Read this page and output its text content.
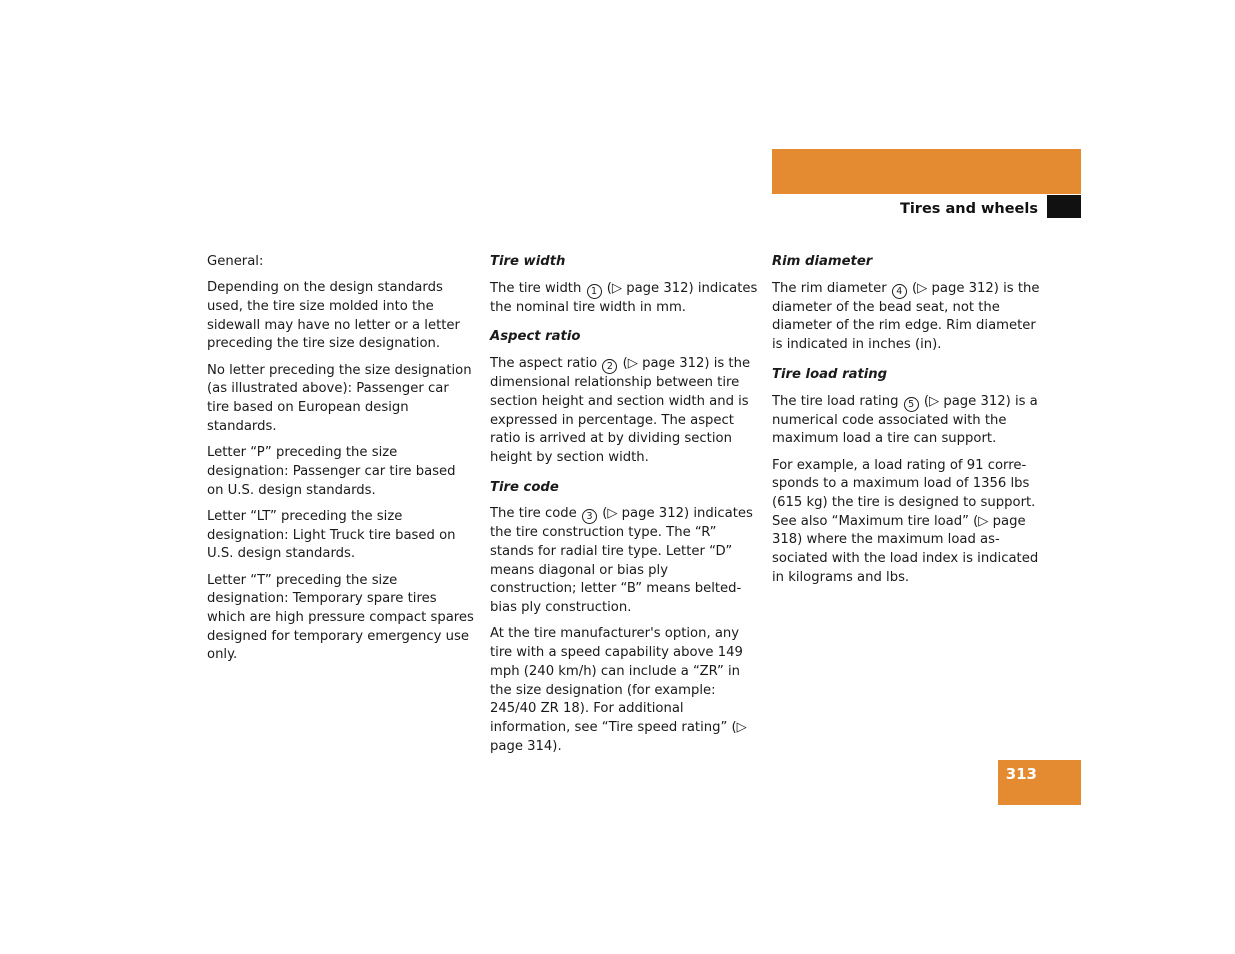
Operation
Tires and wheels

General:

Depending on the design standards used, the tire size molded into the sidewall may have no letter or a letter preceding the tire size designation.

No letter preceding the size designation (as illustrated above): Passenger car tire based on European design standards.

Letter “P” preceding the size designation: Passenger car tire based on U.S. design standards.

Letter “LT” preceding the size designation: Light Truck tire based on U.S. design standards.

Letter “T” preceding the size designation: Temporary spare tires which are high pressure compact spares designed for temporary emergency use only.

Tire width

The tire width 1 (▷ page 312) indicates the nominal tire width in mm.

Aspect ratio

The aspect ratio 2 (▷ page 312) is the dimensional relationship between tire section height and section width and is expressed in percentage. The aspect ratio is arrived at by dividing section height by section width.

Tire code

The tire code 3 (▷ page 312) indicates the tire construction type. The “R” stands for radial tire type. Letter “D” means diagonal or bias ply construction; letter “B” means belted-bias ply construction.

At the tire manufacturer's option, any tire with a speed capability above 149 mph (240 km/h) can include a “ZR” in the size designation (for example: 245/40 ZR 18). For additional information, see “Tire speed rating” (▷ page 314).

Rim diameter

The rim diameter 4 (▷ page 312) is the diameter of the bead seat, not the diameter of the rim edge. Rim diameter is indicated in inches (in).

Tire load rating

The tire load rating 5 (▷ page 312) is a numerical code associated with the maximum load a tire can support.

For example, a load rating of 91 corresponds to a maximum load of 1356 lbs (615 kg) the tire is designed to support. See also “Maximum tire load” (▷ page 318) where the maximum load associated with the load index is indicated in kilograms and lbs.

313
